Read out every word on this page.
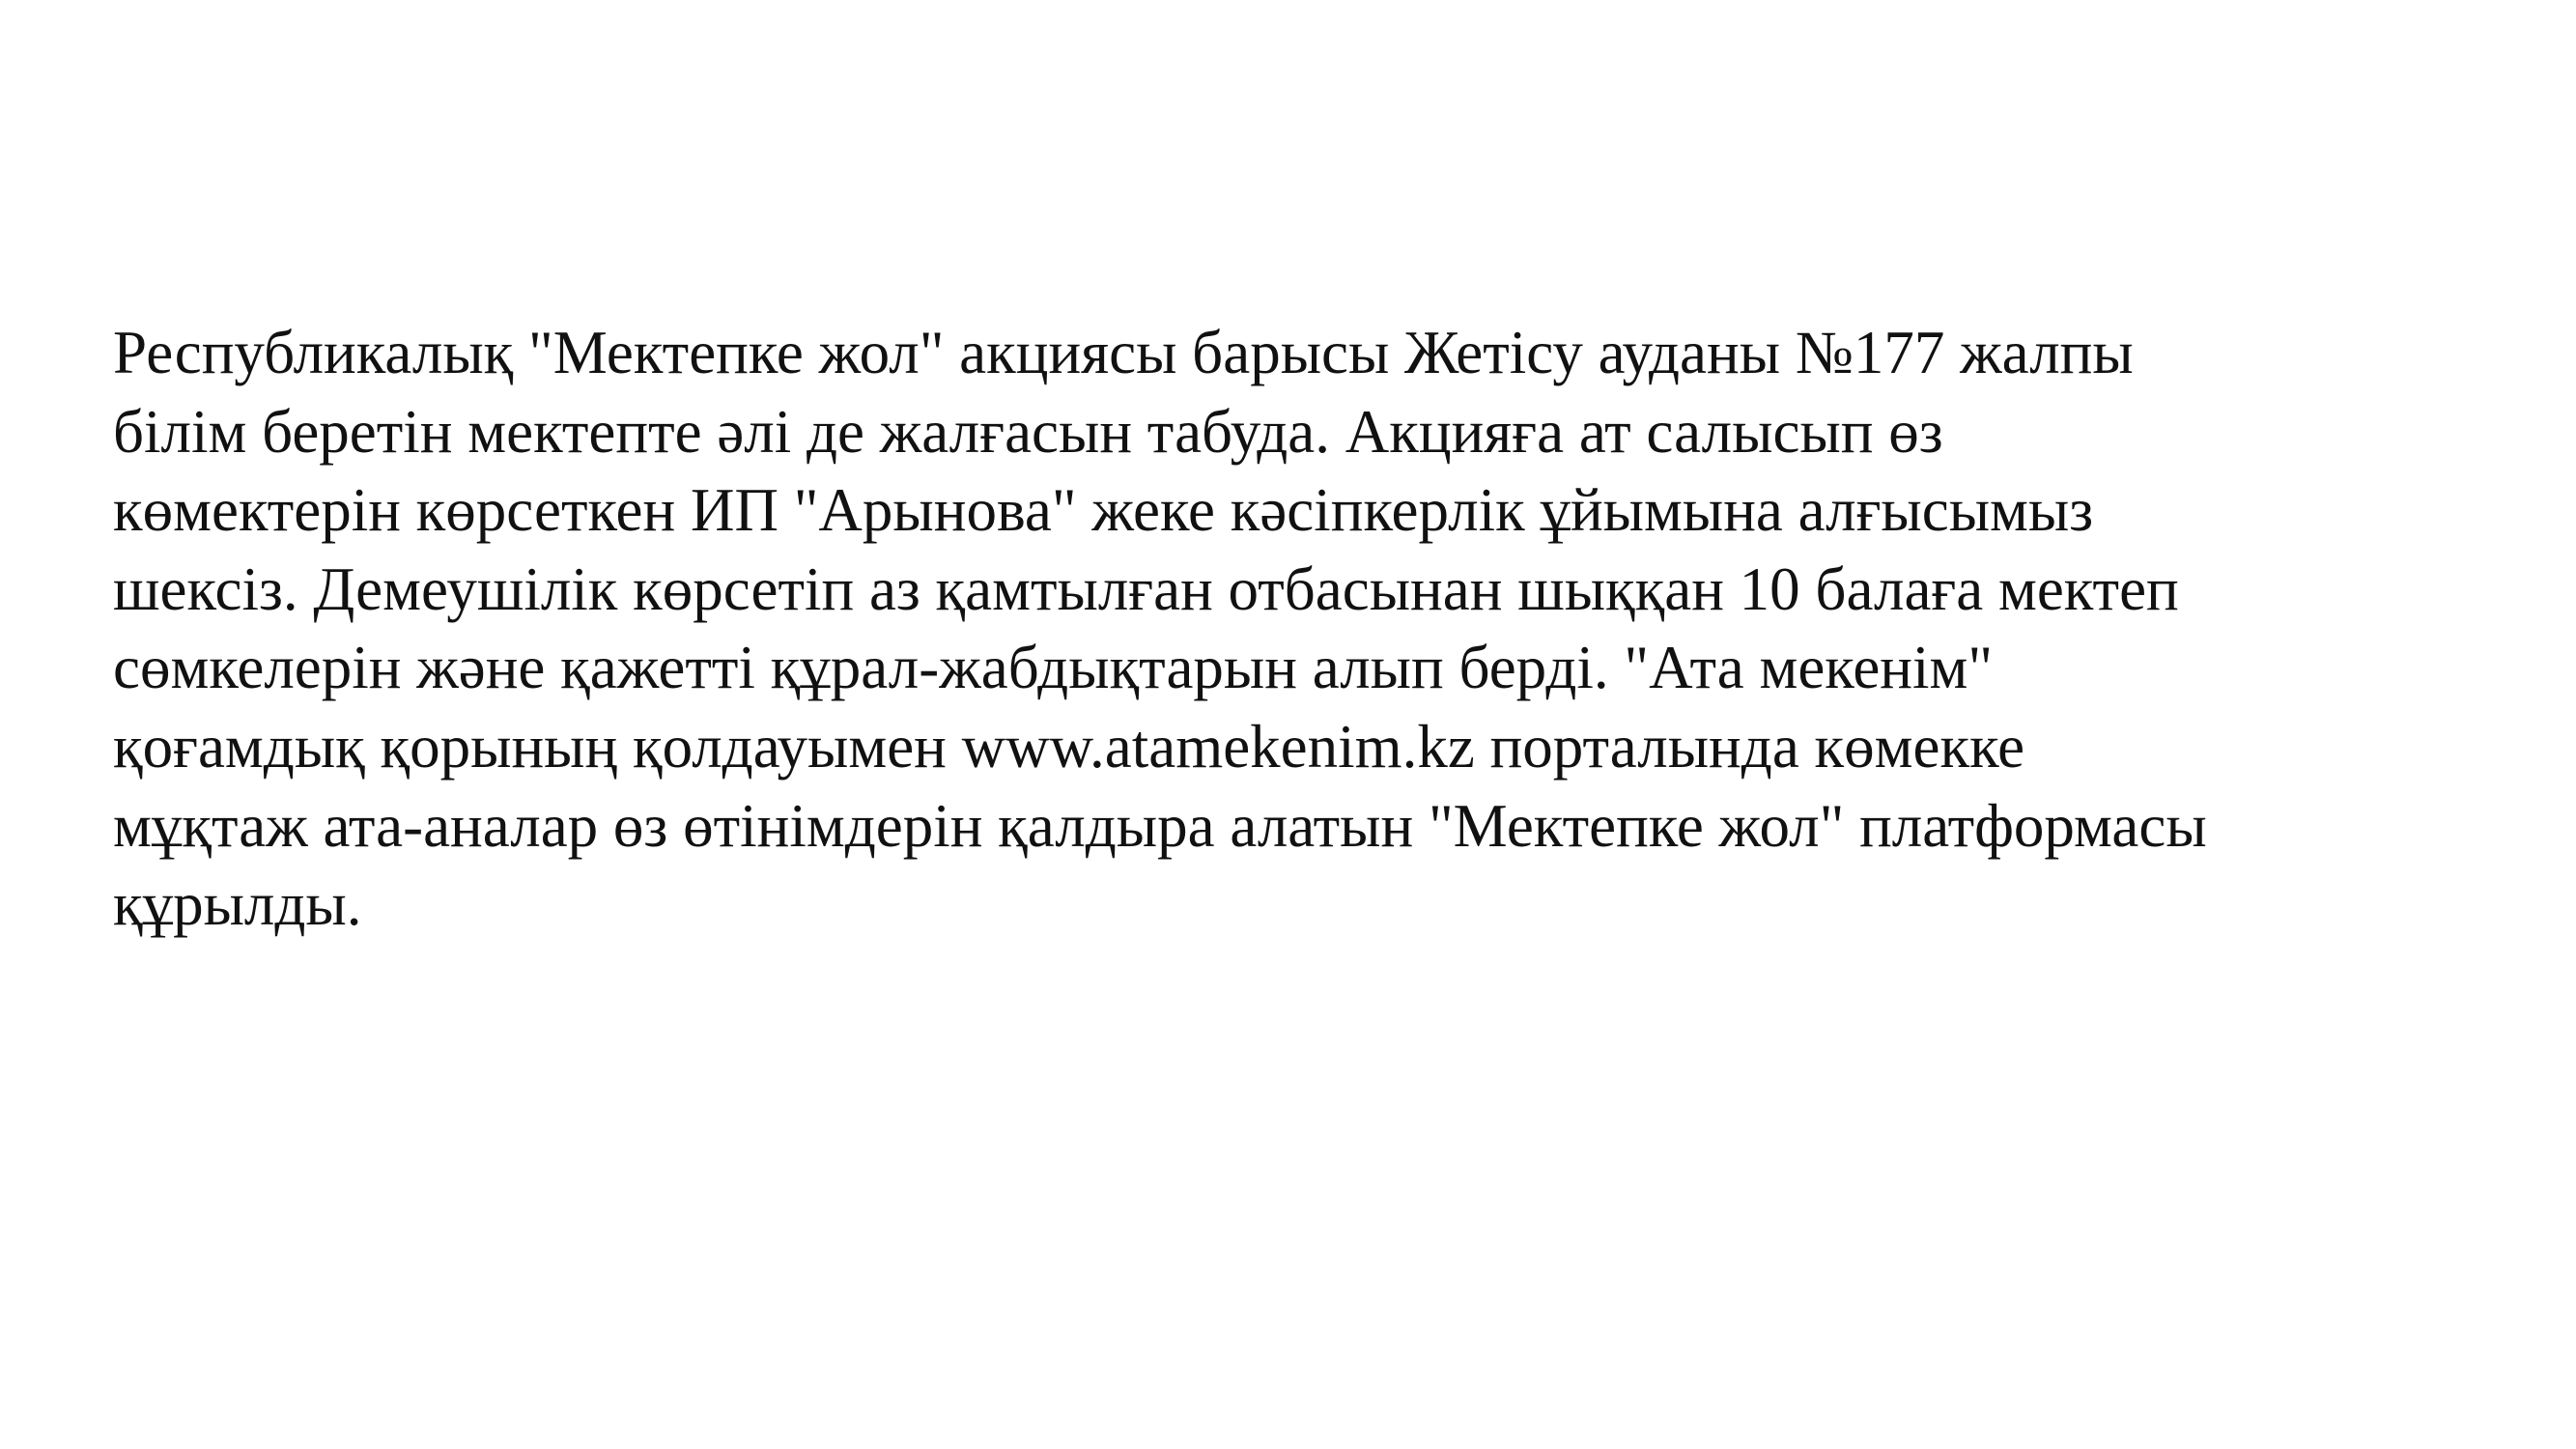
Республикалық "Мектепке жол" акциясы барысы Жетісу ауданы №177 жалпы
білім беретін мектепте әлі де жалғасын табуда. Акцияға ат салысып өз
көмектерін көрсеткен ИП "Арынова" жеке кәсіпкерлік ұйымына алғысымыз
шексіз. Демеушілік көрсетіп аз қамтылған отбасынан шыққан 10 балаға мектеп
сөмкелерін және қажетті құрал-жабдықтарын алып берді. "Ата мекенім"
қоғамдық қорының қолдауымен www.atamekenim.kz порталында көмекке
мұқтаж ата-аналар өз өтінімдерін қалдыра алатын "Мектепке жол" платформасы
құрылды.
